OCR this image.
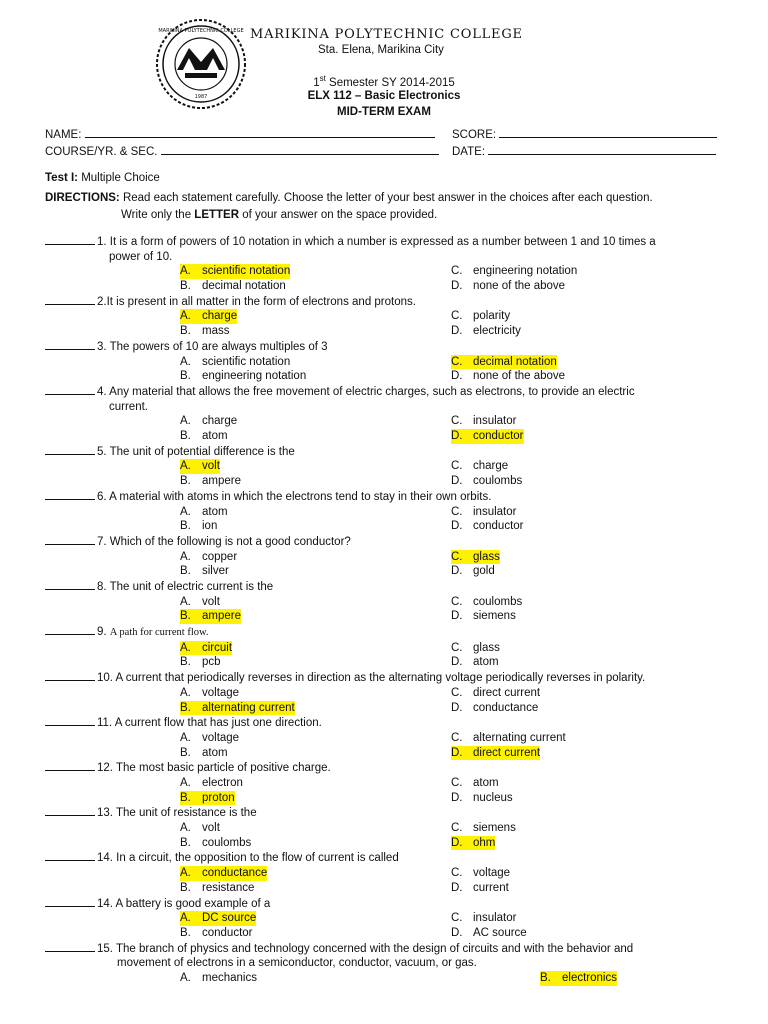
MARIKINA POLYTECHNIC COLLEGE
1987
MARIKINA POLYTECHNIC COLLEGE
Sta. Elena, Marikina City
1st Semester SY 2014-2015
ELX 112 – Basic Electronics
MID-TERM EXAM
NAME:	SCORE:
COURSE/YR. & SEC.	DATE:
Test I: Multiple Choice
DIRECTIONS: Read each statement carefully. Choose the letter of your best answer in the choices after each question.
Write only the LETTER of your answer on the space provided.
1. It is a form of powers of 10 notation in which a number is expressed as a number between 1 and 10 times a
power of 10.
A. scientific notation	C. engineering notation
B. decimal notation	D. none of the above
2.It is present in all matter in the form of electrons and protons.
A. charge	C. polarity
B. mass	D. electricity
3. The powers of 10 are always multiples of 3
A. scientific notation	C. decimal notation
B. engineering notation	D. none of the above
4. Any material that allows the free movement of electric charges, such as electrons, to provide an electric
current.
A. charge	C. insulator
B. atom	D. conductor
5. The unit of potential difference is the
A. volt	C. charge
B. ampere	D. coulombs
6. A material with atoms in which the electrons tend to stay in their own orbits.
A. atom	C. insulator
B. ion	D. conductor
7. Which of the following is not a good conductor?
A. copper	C. glass
B. silver	D. gold
8. The unit of electric current is the
A. volt	C. coulombs
B. ampere	D. siemens
9. A path for current flow.
A. circuit	C. glass
B. pcb	D. atom
10. A current that periodically reverses in direction as the alternating voltage periodically reverses in polarity.
A. voltage	C. direct current
B. alternating current	D. conductance
11. A current flow that has just one direction.
A. voltage	C. alternating current
B. atom	D. direct current
12. The most basic particle of positive charge.
A. electron	C. atom
B. proton	D. nucleus
13. The unit of resistance is the
A. volt	C. siemens
B. coulombs	D. ohm
14. In a circuit, the opposition to the flow of current is called
A. conductance	C. voltage
B. resistance	D. current
14. A battery is good example of a
A. DC source	C. insulator
B. conductor	D. AC source
15. The branch of physics and technology concerned with the design of circuits and with the behavior and
movement of electrons in a semiconductor, conductor, vacuum, or gas.
A. mechanics	B. electronics
